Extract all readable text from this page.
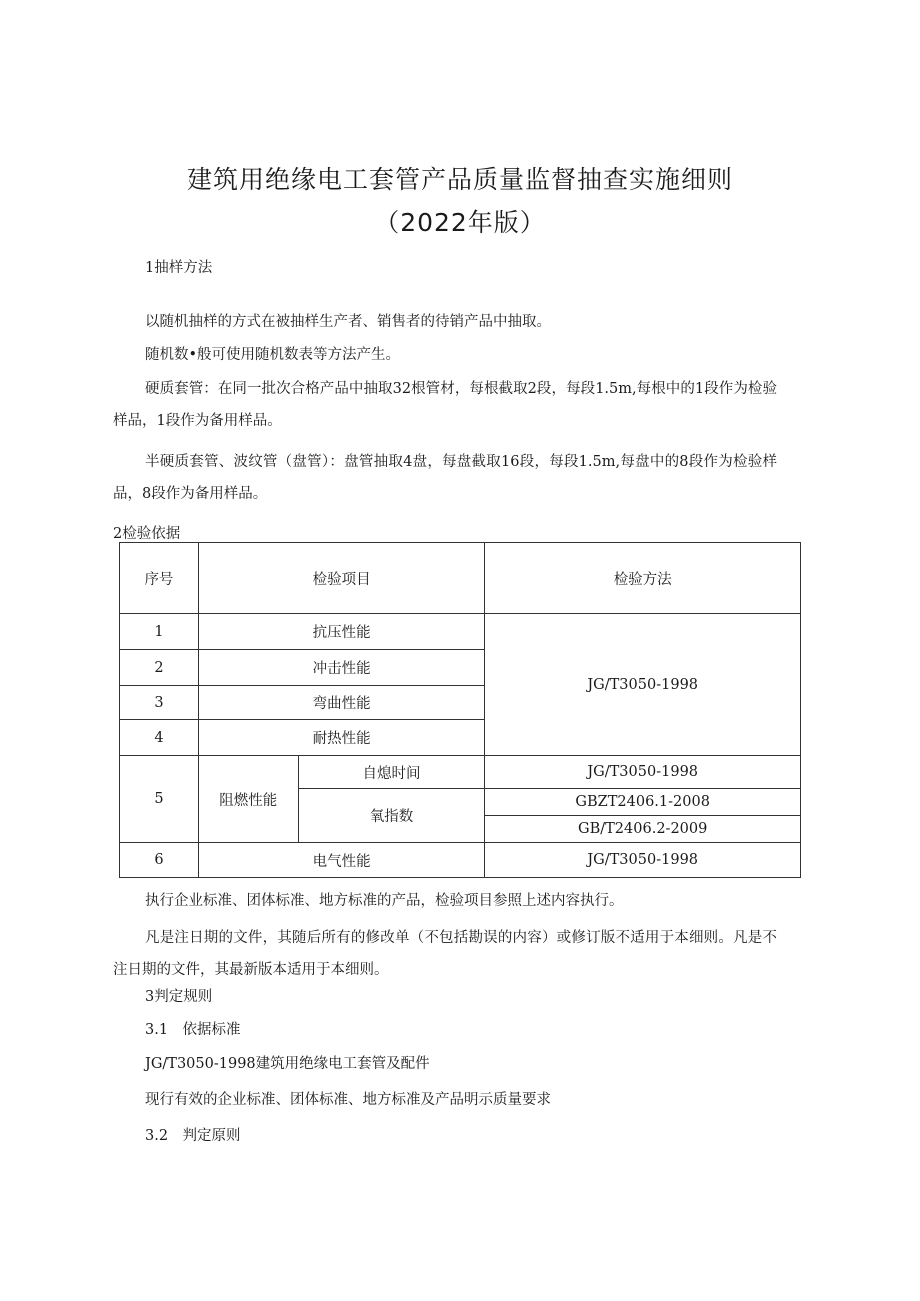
建筑用绝缘电工套管产品质量监督抽查实施细则
（2022年版）
1抽样方法
以随机抽样的方式在被抽样生产者、销售者的待销产品中抽取。
随机数•般可使用随机数表等方法产生。
硬质套管：在同一批次合格产品中抽取32根管材，每根截取2段，每段1.5m,每根中的1段作为检验样品，1段作为备用样品。
半硬质套管、波纹管（盘管）：盘管抽取4盘，每盘截取16段，每段1.5m,每盘中的8段作为检验样品，8段作为备用样品。
2检验依据
序号	检验项目		检验方法
1	抗压性能		JG/T3050-1998
2	冲击性能		
3	弯曲性能		
4	耐热性能		
5	阻燃性能	自熄时间	JG/T3050-1998
		氧指数	GBZT2406.1-2008
			GB/T2406.2-2009
6	电气性能		JG/T3050-1998
执行企业标准、团体标准、地方标准的产品，检验项目参照上述内容执行。
凡是注日期的文件，其随后所有的修改单（不包括勘误的内容）或修订版不适用于本细则。凡是不注日期的文件，其最新版本适用于本细则。
3判定规则
3.1　依据标准
JG/T3050-1998建筑用绝缘电工套管及配件
现行有效的企业标准、团体标准、地方标准及产品明示质量要求
3.2　判定原则
